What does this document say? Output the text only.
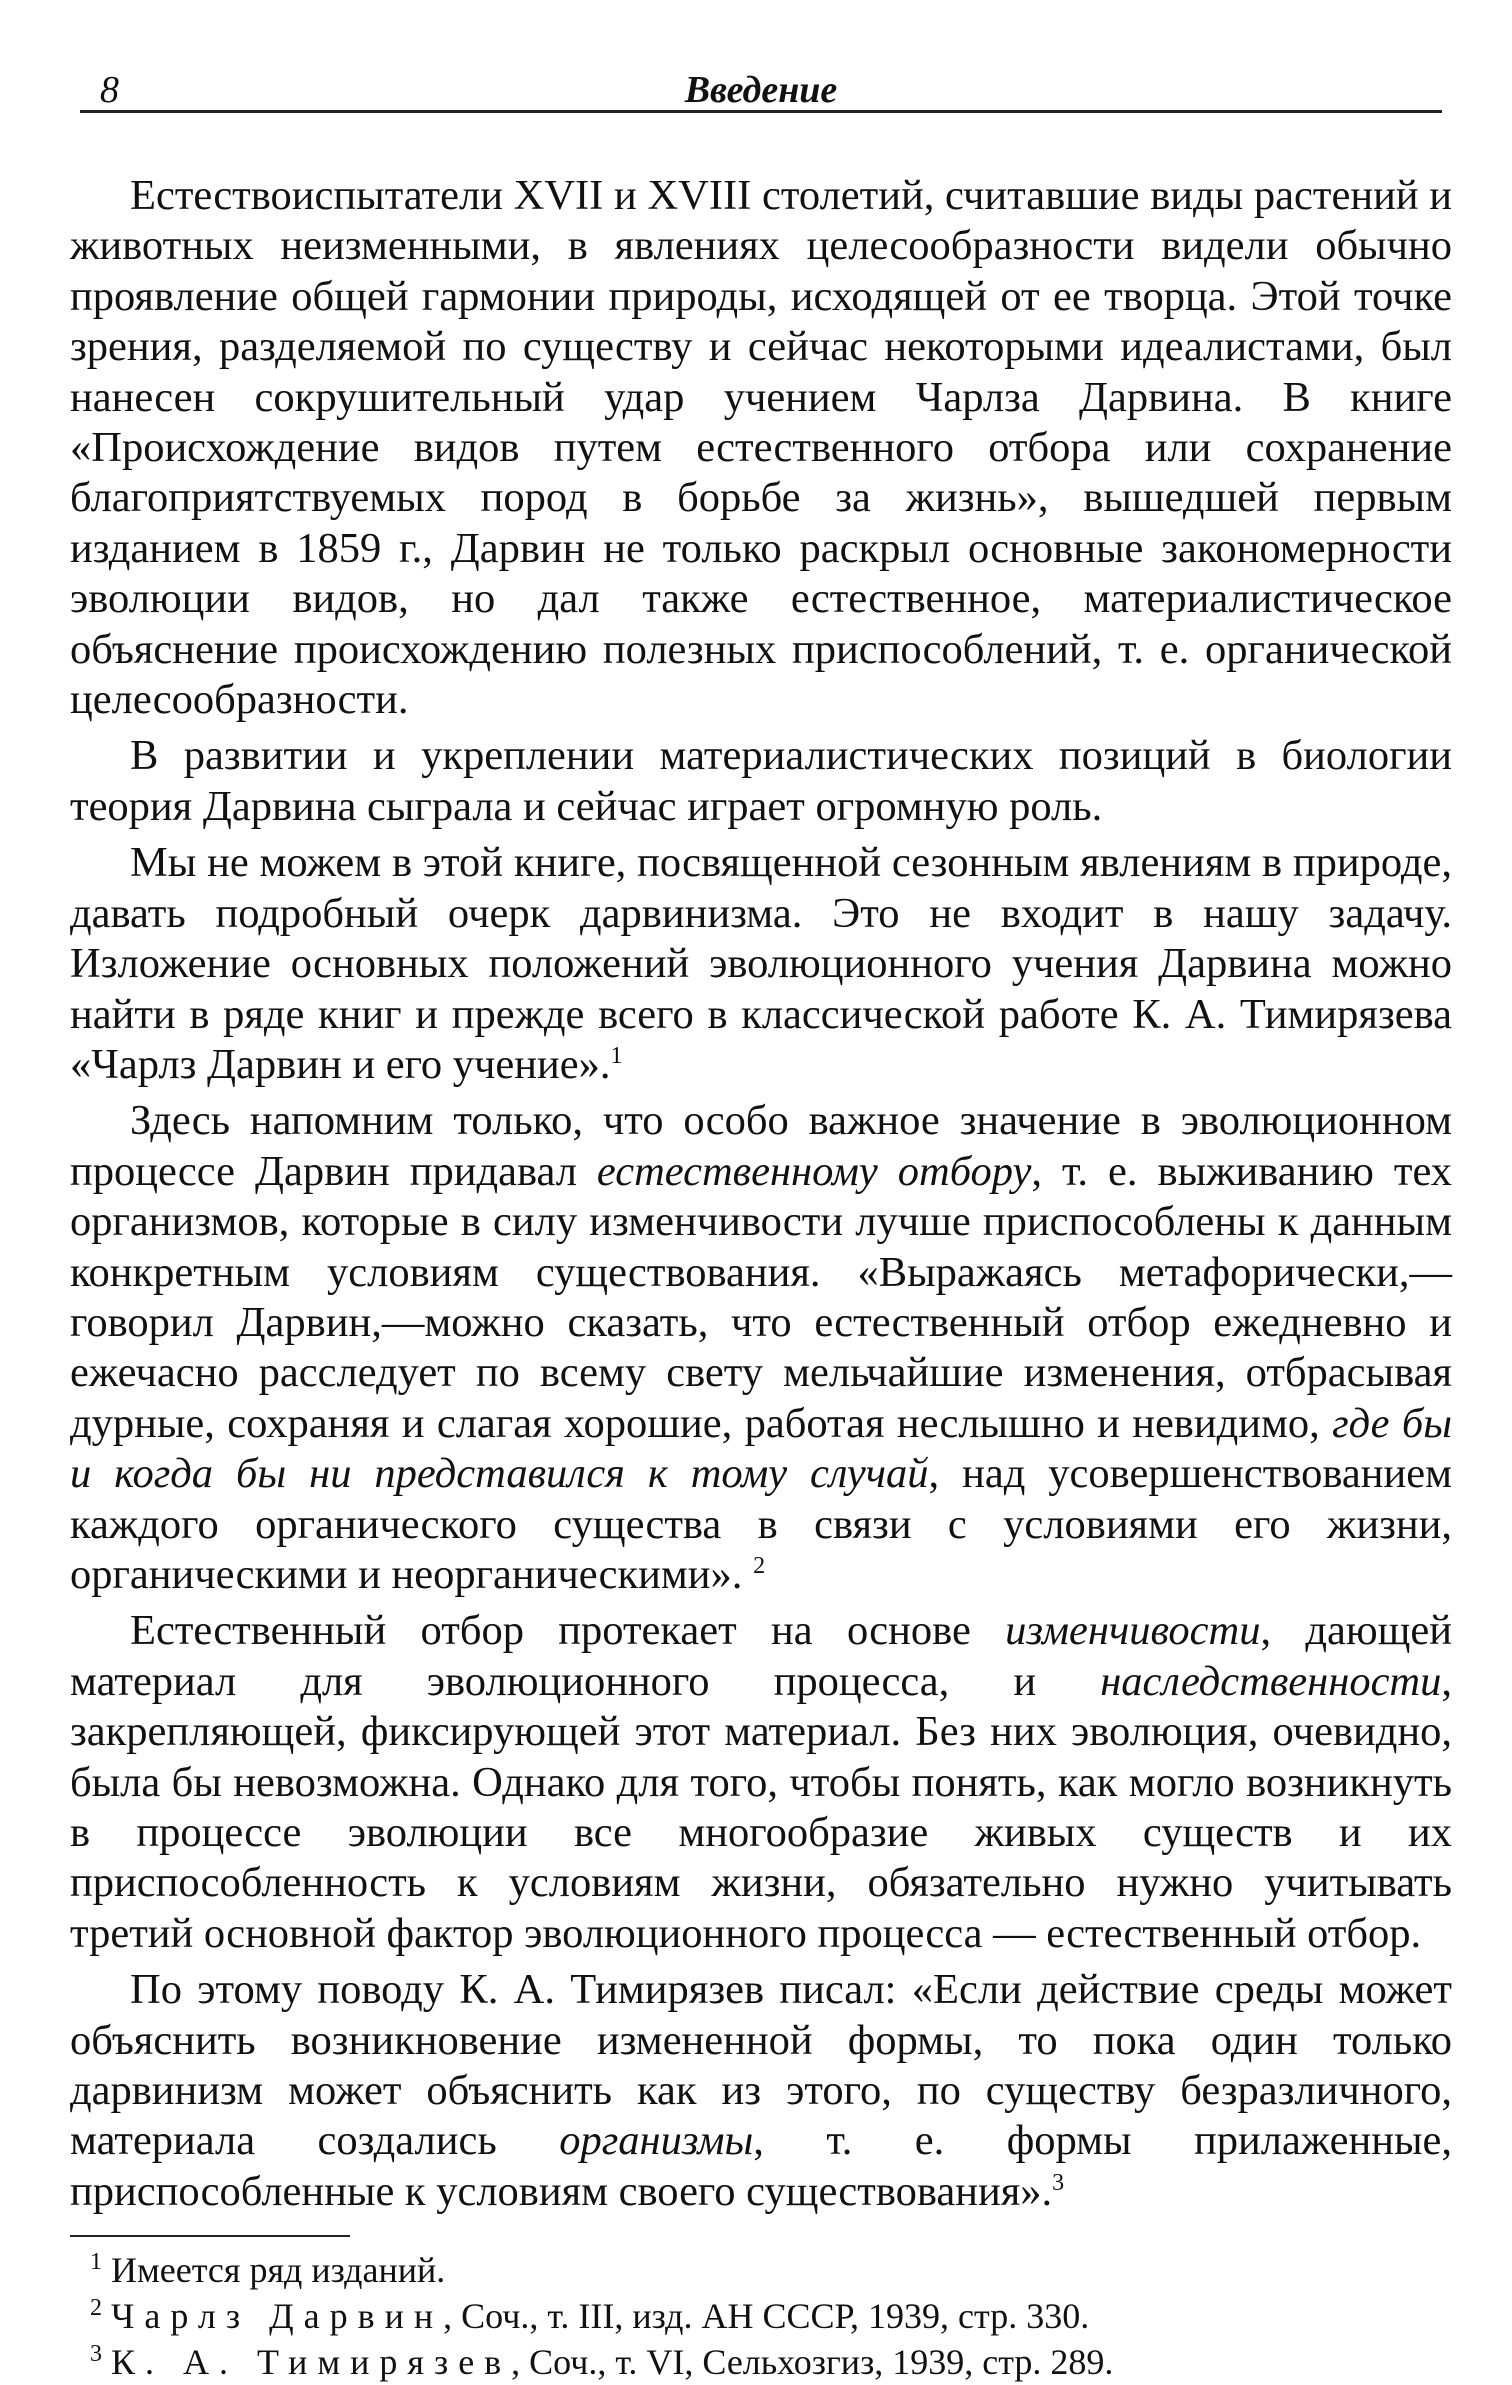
8	Введение

Естествоиспытатели XVII и XVIII столетий, считавшие виды растений и животных неизменными, в явлениях целесообразности видели обычно проявление общей гармонии природы, исходящей от ее творца. Этой точке зрения, разделяемой по существу и сейчас некоторыми идеалистами, был нанесен сокрушительный удар учением Чарлза Дарвина. В книге «Происхождение видов путем естественного отбора или сохранение благоприятствуемых пород в борьбе за жизнь», вышедшей первым изданием в 1859 г., Дарвин не только раскрыл основные закономерности эволюции видов, но дал также естественное, материалистическое объяснение происхождению полезных приспособлений, т. е. органической целесообразности.

В развитии и укреплении материалистических позиций в биологии теория Дарвина сыграла и сейчас играет огромную роль.

Мы не можем в этой книге, посвященной сезонным явлениям в природе, давать подробный очерк дарвинизма. Это не входит в нашу задачу. Изложение основных положений эволюционного учения Дарвина можно найти в ряде книг и прежде всего в классической работе К. А. Тимирязева «Чарлз Дарвин и его учение».$^1$

Здесь напомним только, что особо важное значение в эволюционном процессе Дарвин придавал естественному отбору, т. е. выживанию тех организмов, которые в силу изменчивости лучше приспособлены к данным конкретным условиям существования. «Выражаясь метафорически,— говорил Дарвин,—можно сказать, что естественный отбор ежедневно и ежечасно расследует по всему свету мельчайшие изменения, отбрасывая дурные, сохраняя и слагая хорошие, работая неслышно и невидимо, где бы и когда бы ни представился к тому случай, над усовершенствованием каждого органического существа в связи с условиями его жизни, органическими и неорганическими». $^2$

Естественный отбор протекает на основе изменчивости, дающей материал для эволюционного процесса, и наследственности, закрепляющей, фиксирующей этот материал. Без них эволюция, очевидно, была бы невозможна. Однако для того, чтобы понять, как могло возникнуть в процессе эволюции все многообразие живых существ и их приспособленность к условиям жизни, обязательно нужно учитывать третий основной фактор эволюционного процесса — естественный отбор.

По этому поводу К. А. Тимирязев писал: «Если действие среды может объяснить возникновение измененной формы, то пока один только дарвинизм может объяснить как из этого, по существу безразличного, материала создались организмы, т. е. формы прилаженные, приспособленные к условиям своего существования».$^3$

$^1$ Имеется ряд изданий.

$^2$ Чарлз Дарвин, Соч., т. III, изд. АН СССР, 1939, стр. 330.

$^3$ К. А. Тимирязев, Соч., т. VI, Сельхозгиз, 1939, стр. 289.
